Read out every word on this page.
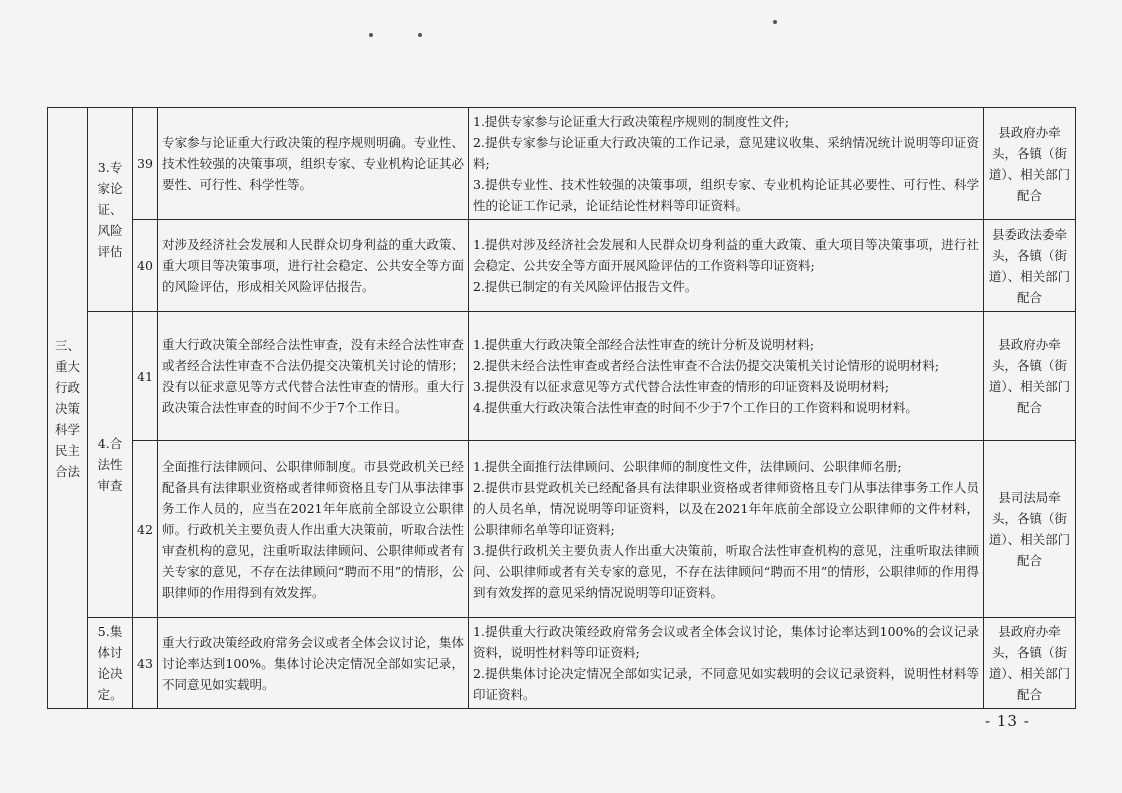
三、重大行政决策科学民主合法	3.专家论证、风险评估	39	专家参与论证重大行政决策的程序规则明确。专业性、技术性较强的决策事项，组织专家、专业机构论证其必要性、可行性、科学性等。	1.提供专家参与论证重大行政决策程序规则的制度性文件;
2.提供专家参与论证重大行政决策的工作记录，意见建议收集、采纳情况统计说明等印证资料;
3.提供专业性、技术性较强的决策事项，组织专家、专业机构论证其必要性、可行性、科学性的论证工作记录，论证结论性材料等印证资料。	县政府办牵头，各镇（街道）、相关部门配合
		40	对涉及经济社会发展和人民群众切身利益的重大政策、重大项目等决策事项，进行社会稳定、公共安全等方面的风险评估，形成相关风险评估报告。	1.提供对涉及经济社会发展和人民群众切身利益的重大政策、重大项目等决策事项，进行社会稳定、公共安全等方面开展风险评估的工作资料等印证资料;
2.提供已制定的有关风险评估报告文件。	县委政法委牵头，各镇（街道）、相关部门配合
	4.合法性审查	41	重大行政决策全部经合法性审查，没有未经合法性审查或者经合法性审查不合法仍提交决策机关讨论的情形；没有以征求意见等方式代替合法性审查的情形。重大行政决策合法性审查的时间不少于7个工作日。	1.提供重大行政决策全部经合法性审查的统计分析及说明材料;
2.提供未经合法性审查或者经合法性审查不合法仍提交决策机关讨论情形的说明材料;
3.提供没有以征求意见等方式代替合法性审查的情形的印证资料及说明材料;
4.提供重大行政决策合法性审查的时间不少于7个工作日的工作资料和说明材料。	县政府办牵头，各镇（街道）、相关部门配合
		42	全面推行法律顾问、公职律师制度。市县党政机关已经配备具有法律职业资格或者律师资格且专门从事法律事务工作人员的，应当在2021年年底前全部设立公职律师。行政机关主要负责人作出重大决策前，听取合法性审查机构的意见，注重听取法律顾问、公职律师或者有关专家的意见，不存在法律顾问“聘而不用”的情形，公职律师的作用得到有效发挥。	1.提供全面推行法律顾问、公职律师的制度性文件，法律顾问、公职律师名册;
2.提供市县党政机关已经配备具有法律职业资格或者律师资格且专门从事法律事务工作人员的人员名单，情况说明等印证资料，以及在2021年年底前全部设立公职律师的文件材料，公职律师名单等印证资料;
3.提供行政机关主要负责人作出重大决策前，听取合法性审查机构的意见，注重听取法律顾问、公职律师或者有关专家的意见，不存在法律顾问“聘而不用”的情形，公职律师的作用得到有效发挥的意见采纳情况说明等印证资料。	县司法局牵头，各镇（街道）、相关部门配合
	5.集体讨论决定。	43	重大行政决策经政府常务会议或者全体会议讨论，集体讨论率达到100%。集体讨论决定情况全部如实记录，不同意见如实载明。	1.提供重大行政决策经政府常务会议或者全体会议讨论，集体讨论率达到100%的会议记录资料，说明性材料等印证资料;
2.提供集体讨论决定情况全部如实记录，不同意见如实载明的会议记录资料，说明性材料等印证资料。	县政府办牵头，各镇（街道）、相关部门配合
- 13 -
